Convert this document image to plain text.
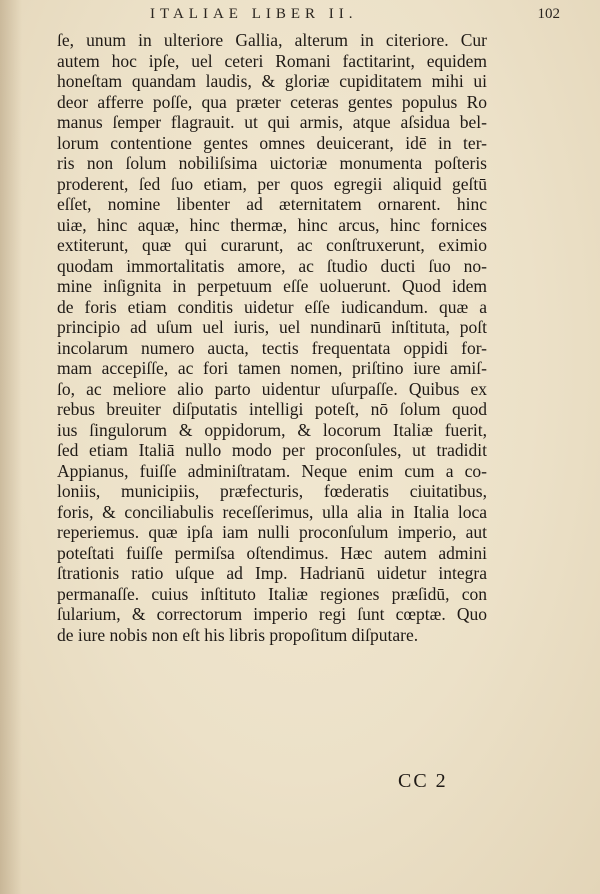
ITALIAE LIBER II.	102
ſe, unum in ulteriore Gallia, alterum in citeriore. Cur
autem hoc ipſe, uel ceteri Romani factitarint, equidem
honeſtam quandam laudis, & gloriæ cupiditatem mihi ui
deor afferre poſſe, qua præter ceteras gentes populus Ro
manus ſemper flagrauit. ut qui armis, atque aſsidua bel-
lorum contentione gentes omnes deuicerant, idē in ter-
ris non ſolum nobiliſsima uictoriæ monumenta poſteris
proderent, ſed ſuo etiam, per quos egregii aliquid geſtū
eſſet, nomine libenter ad æternitatem ornarent. hinc
uiæ, hinc aquæ, hinc thermæ, hinc arcus, hinc fornices
extiterunt, quæ qui curarunt, ac conſtruxerunt, eximio
quodam immortalitatis amore, ac ſtudio ducti ſuo no-
mine inſignita in perpetuum eſſe uoluerunt. Quod idem
de foris etiam conditis uidetur eſſe iudicandum. quæ a
principio ad uſum uel iuris, uel nundinarū inſtituta, poſt
incolarum numero aucta, tectis frequentata oppidi for-
mam accepiſſe, ac fori tamen nomen, priſtino iure amiſ-
ſo, ac meliore alio parto uidentur uſurpaſſe. Quibus ex
rebus breuiter diſputatis intelligi poteſt, nō ſolum quod
ius ſingulorum & oppidorum, & locorum Italiæ fuerit,
ſed etiam Italiā nullo modo per proconſules, ut tradidit
Appianus, fuiſſe adminiſtratam. Neque enim cum a co-
loniis, municipiis, præfecturis, fœderatis ciuitatibus,
foris, & conciliabulis receſſerimus, ulla alia in Italia loca
reperiemus. quæ ipſa iam nulli proconſulum imperio, aut
poteſtati fuiſſe permiſsa oſtendimus. Hæc autem admini
ſtrationis ratio uſque ad Imp. Hadrianū uidetur integra
permanaſſe. cuius inſtituto Italiæ regiones præſidū, con
ſularium, & correctorum imperio regi ſunt cœptæ. Quo
de iure nobis non eſt his libris propoſitum diſputare.
CC 2
